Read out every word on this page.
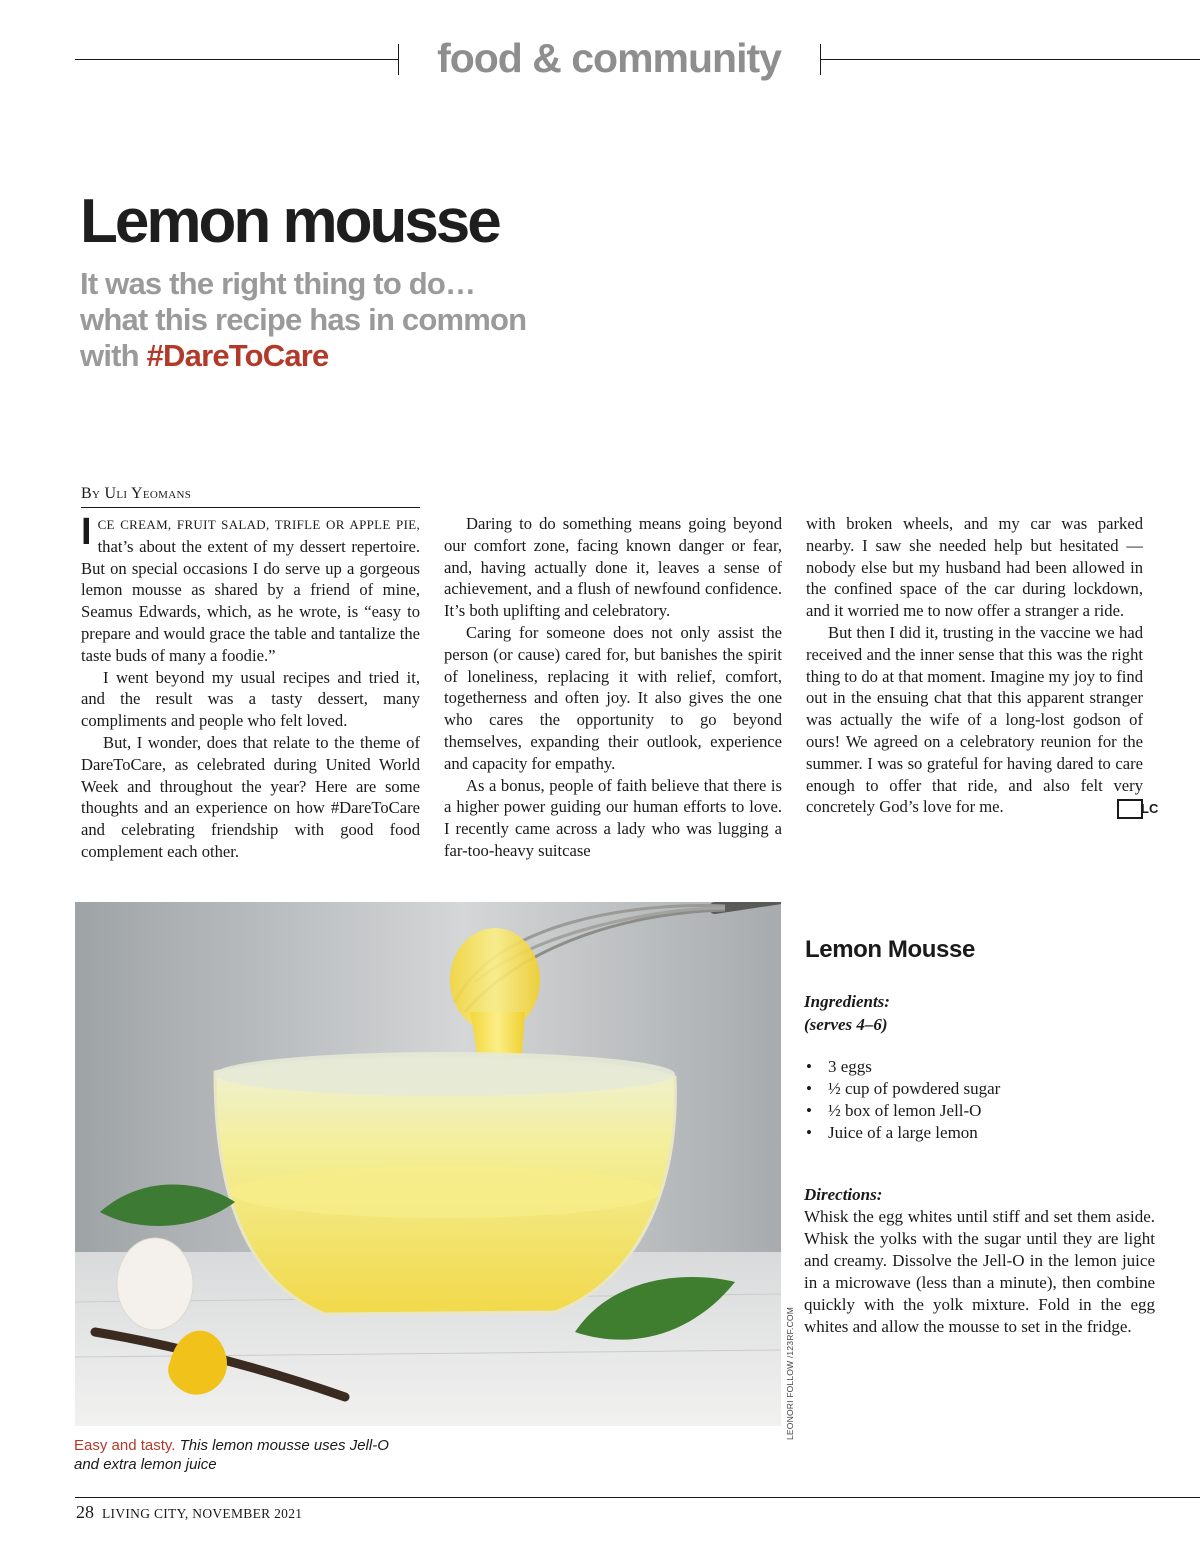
food & community
Lemon mousse

It was the right thing to do… what this recipe has in common with #DareToCare

By Uli Yeomans

ICE CREAM, FRUIT SALAD, TRIFLE OR APPLE PIE, that’s about the extent of my dessert repertoire. But on special occasions I do serve up a gorgeous lemon mousse as shared by a friend of mine, Seamus Edwards, which, as he wrote, is “easy to prepare and would grace the table and tantalize the taste buds of many a foodie.”

I went beyond my usual recipes and tried it, and the result was a tasty dessert, many compliments and people who felt loved.

But, I wonder, does that relate to the theme of DareToCare, as celebrated during United World Week and throughout the year? Here are some thoughts and an experience on how #DareToCare and celebrating friendship with good food complement each other.

Daring to do something means going beyond our comfort zone, facing known danger or fear, and, having actually done it, leaves a sense of achievement, and a flush of newfound confidence. It’s both uplifting and celebratory.

Caring for someone does not only assist the person (or cause) cared for, but banishes the spirit of loneliness, replacing it with relief, comfort, togetherness and often joy. It also gives the one who cares the opportunity to go beyond themselves, expanding their outlook, experience and capacity for empathy.

As a bonus, people of faith believe that there is a higher power guiding our human efforts to love. I recently came across a lady who was lugging a far-too-heavy suitcase

with broken wheels, and my car was parked nearby. I saw she needed help but hesitated — nobody else but my husband had been allowed in the confined space of the car during lockdown, and it worried me to now offer a stranger a ride.

But then I did it, trusting in the vaccine we had received and the inner sense that this was the right thing to do at that moment. Imagine my joy to find out in the ensuing chat that this apparent stranger was actually the wife of a long-lost godson of ours! We agreed on a celebratory reunion for the summer. I was so grateful for having dared to care enough to offer that ride, and also felt very concretely God’s love for me.	LC

LEONORI FOLLOW /123RF.COM
Easy and tasty. This lemon mousse uses Jell-O and extra lemon juice
Lemon Mousse
Ingredients:
(serves 4–6)
• 3 eggs
• ½ cup of powdered sugar
• ½ box of lemon Jell-O
• Juice of a large lemon
Directions:

Whisk the egg whites until stiff and set them aside. Whisk the yolks with the sugar until they are light and creamy. Dissolve the Jell-O in the lemon juice in a microwave (less than a minute), then combine quickly with the yolk mixture. Fold in the egg whites and allow the mousse to set in the fridge.

28 LIVING CITY, NOVEMBER 2021
